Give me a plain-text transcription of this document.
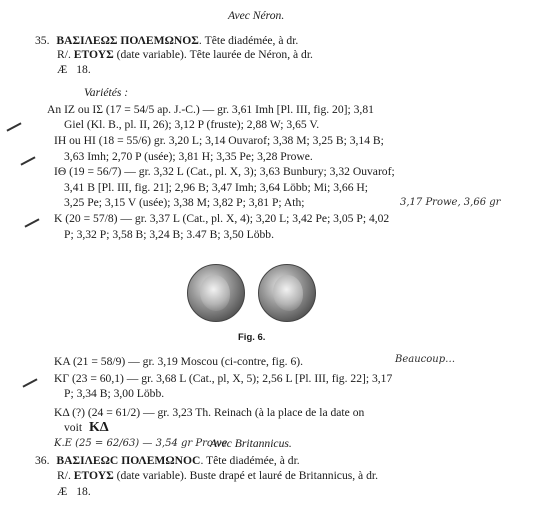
Avec Néron.
35. ΒΑΣΙΛΕΩΣ ΠΟΛΕΜΩΝΟΣ. Tête diadémée, à dr.
R/. ΕΤΟΥΣ (date variable). Tête laurée de Néron, à dr.
Æ 18.
Variétés :
An ΙΖ ou ΙΣ (17 = 54/5 ap. J.-C.) — gr. 3,61 Imh [Pl. III, fig. 20]; 3,81
Giel (Kl. B., pl. II, 26); 3,12 P (fruste); 2,88 W; 3,65 V.
ΙΗ ou ΗΙ (18 = 55/6) gr. 3,20 L; 3,14 Ouvarof; 3,38 M; 3,25 B; 3,14 B;
3,63 Imh; 2,70 P (usée); 3,81 H; 3,35 Pe; 3,28 Prowe.
ΙΘ (19 = 56/7) — gr. 3,32 L (Cat., pl. X, 3); 3,63 Bunbury; 3,32 Ouvarof;
3,41 B [Pl. III, fig. 21]; 2,96 B; 3,47 Imh; 3,64 Löbb; Mi; 3,66 H;
3,25 Pe; 3,15 V (usée); 3,38 M; 3,82 P; 3,81 P; Ath;	3,17 Prowe, 3,66 gr
Κ (20 = 57/8) — gr. 3,37 L (Cat., pl. X, 4); 3,20 L; 3,42 Pe; 3,05 P; 4,02
P; 3,32 P; 3,58 B; 3,24 B; 3.47 B; 3,50 Löbb.
Fig. 6.
ΚΑ (21 = 58/9) — gr. 3,19 Moscou (ci-contre, fig. 6).	Beaucoup…
ΚΓ (23 = 60,1) — gr. 3,68 L (Cat., pl, X, 5); 2,56 L [Pl. III, fig. 22]; 3,17
P; 3,34 B; 3,00 Löbb.
ΚΔ (?) (24 = 61/2) — gr. 3,23 Th. Reinach (à la place de la date on
voit ΚΔ
Κ.Ε (25 = 62/63) — 3,54 gr Prowe
Avec Britannicus.
36. ΒΑΣΙΛΕΩC ΠΟΛΕΜΩΝΟC. Tête diadémée, à dr.
R/. ΕΤΟΥΣ (date variable). Buste drapé et lauré de Britannicus, à dr.
Æ 18.
